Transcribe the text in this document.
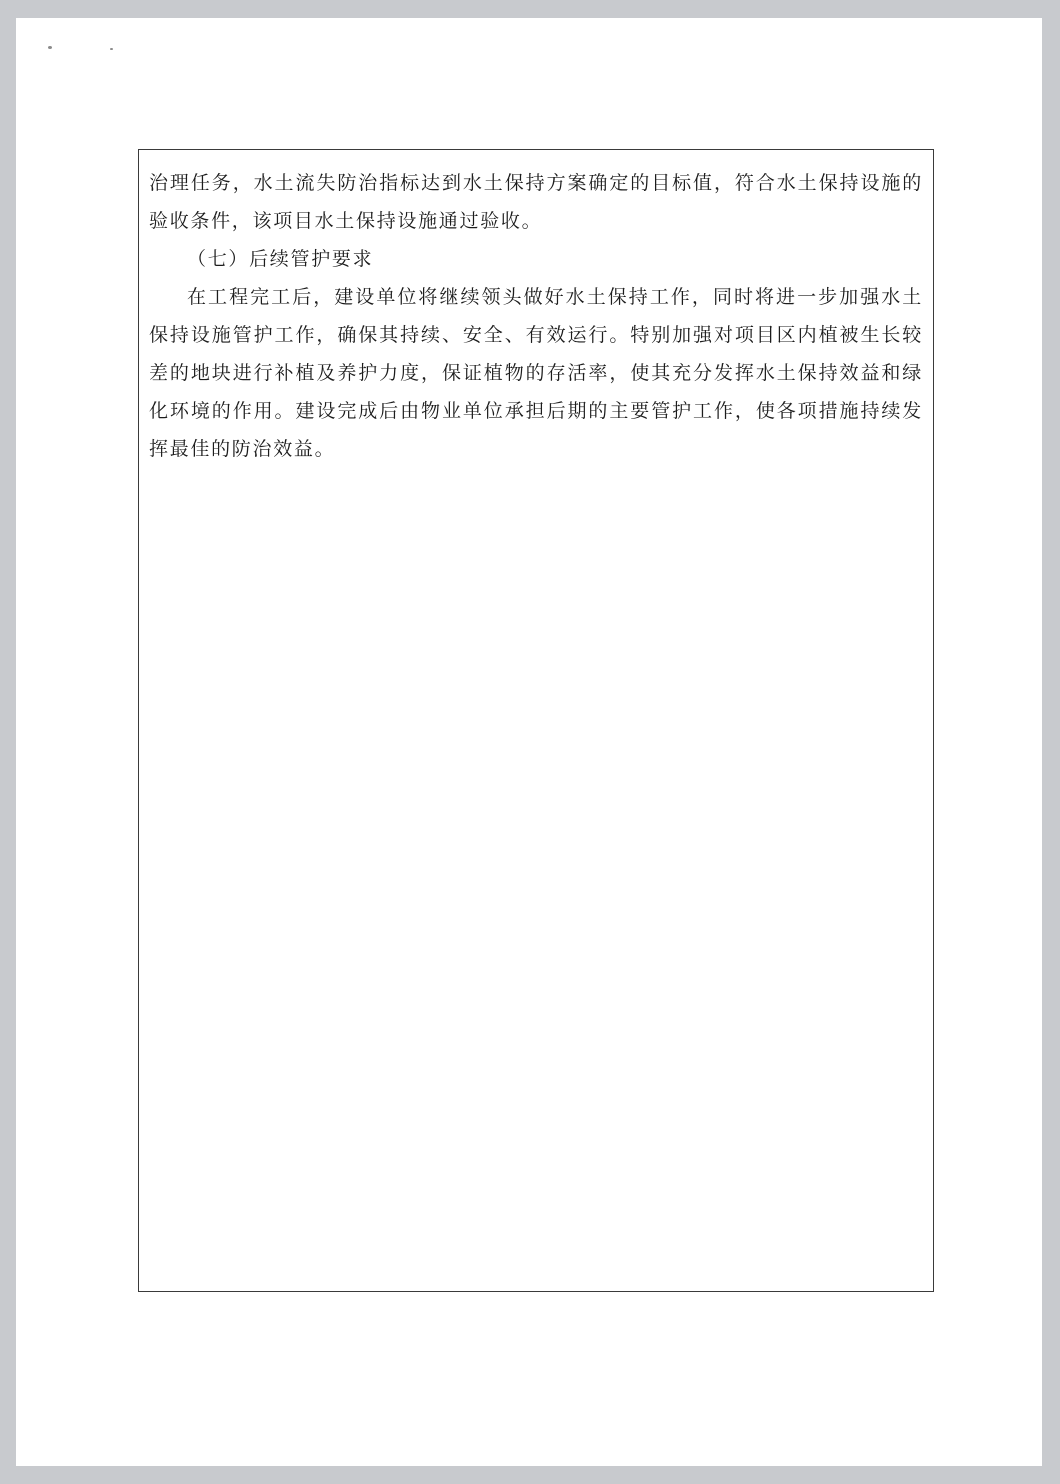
治理任务，水土流失防治指标达到水土保持方案确定的目标值，符合水土保持设施的验收条件，该项目水土保持设施通过验收。

（七）后续管护要求

在工程完工后，建设单位将继续领头做好水土保持工作，同时将进一步加强水土保持设施管护工作，确保其持续、安全、有效运行。特别加强对项目区内植被生长较差的地块进行补植及养护力度，保证植物的存活率，使其充分发挥水土保持效益和绿化环境的作用。建设完成后由物业单位承担后期的主要管护工作，使各项措施持续发挥最佳的防治效益。
